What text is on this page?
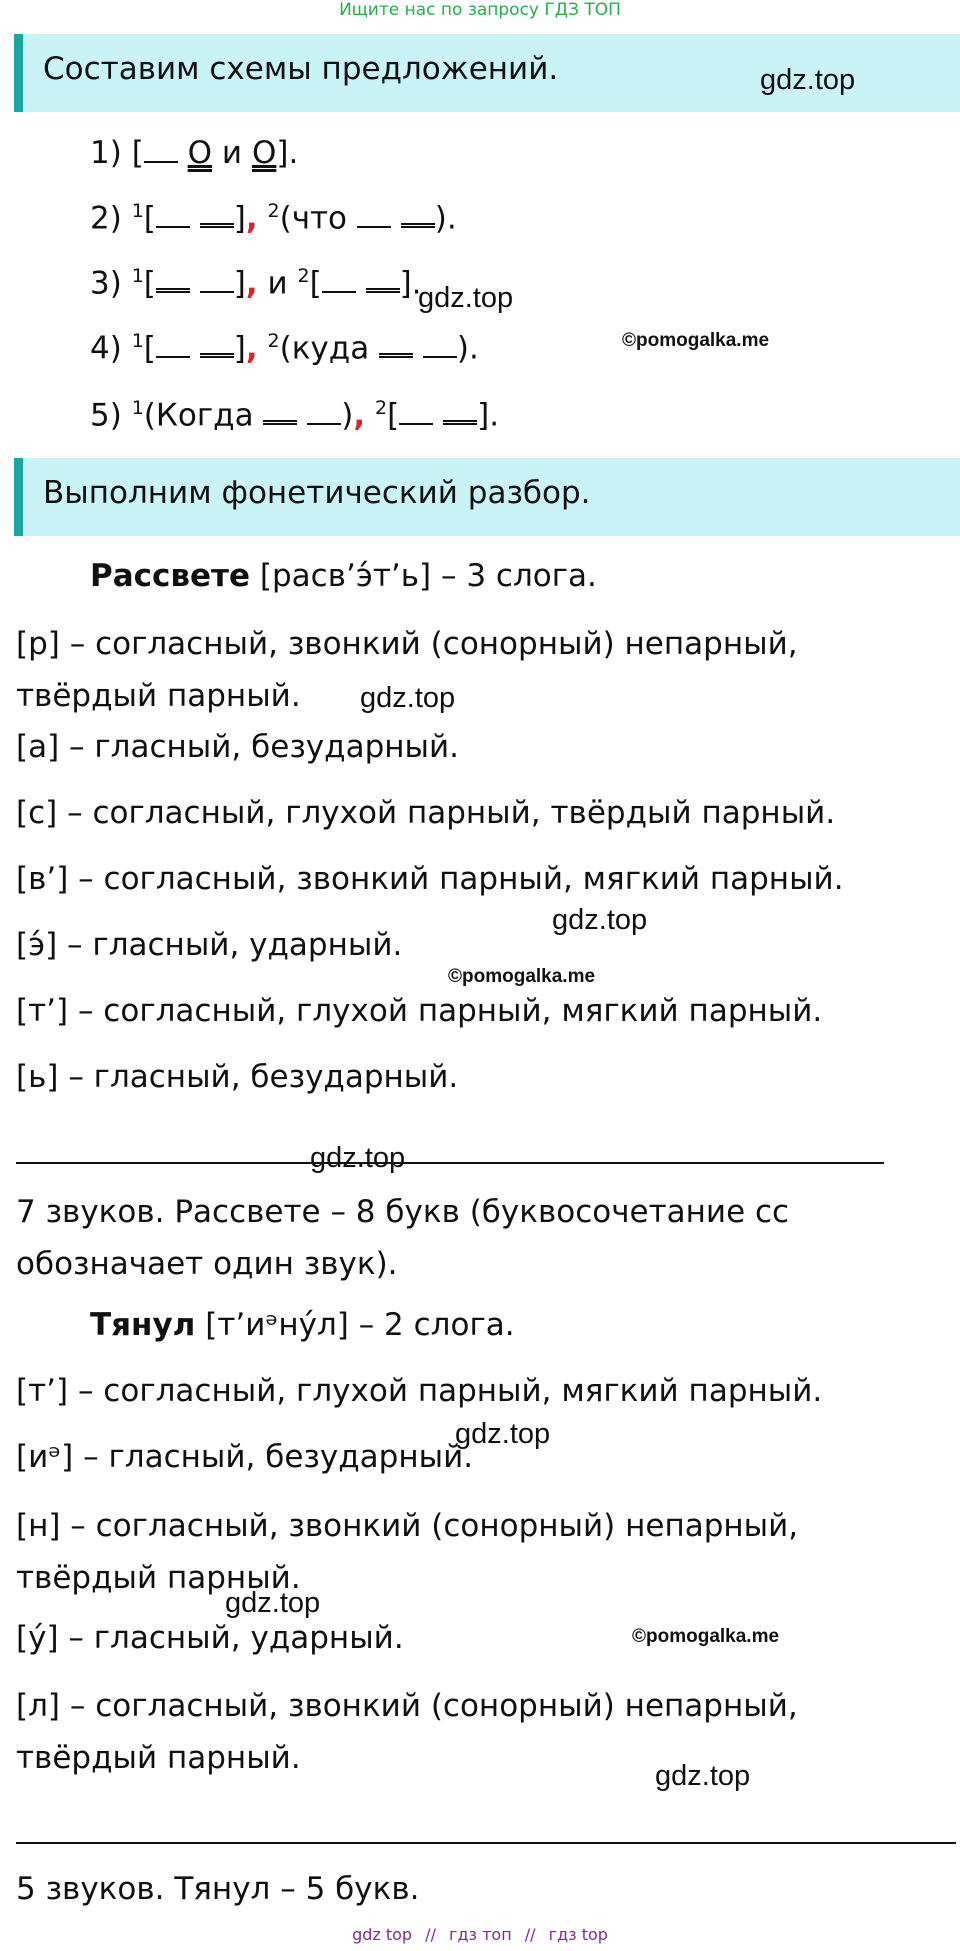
Ищите нас по запросу ГДЗ ТОП
Составим схемы предложений.	gdz.top
1) [ О и О].
2) $^1$[	], $^2$(что	).
3) $^1$[	], и $^2$[	].
gdz.top
©pomogalka.me
4) $^1$[	], $^2$(куда	).
5) $^1$(Когда	), $^2$[	].
Выполним фонетический разбор.
Рассвете [расв’э́т’ь] – 3 слога.
[р] – согласный, звонкий (сонорный) непарный, твёрдый парный.	gdz.top
[а] – гласный, безударный.
[с] – согласный, глухой парный, твёрдый парный.
[в’] – согласный, звонкий парный, мягкий парный.
gdz.top
[э́] – гласный, ударный.
©pomogalka.me
[т’] – согласный, глухой парный, мягкий парный.
[ь] – гласный, безударный.
gdz.top
7 звуков. Рассвете – 8 букв (буквосочетание сс обозначает один звук).
Тянул [т’иᵊну́л] – 2 слога.
[т’] – согласный, глухой парный, мягкий парный.
gdz.top
[иᵊ] – гласный, безударный.
[н] – согласный, звонкий (сонорный) непарный, твёрдый парный.
gdz.top
[у́] – гласный, ударный.	©pomogalka.me
[л] – согласный, звонкий (сонорный) непарный, твёрдый парный.	gdz.top
5 звуков. Тянул – 5 букв.
gdz top // гдз топ // гдз top
